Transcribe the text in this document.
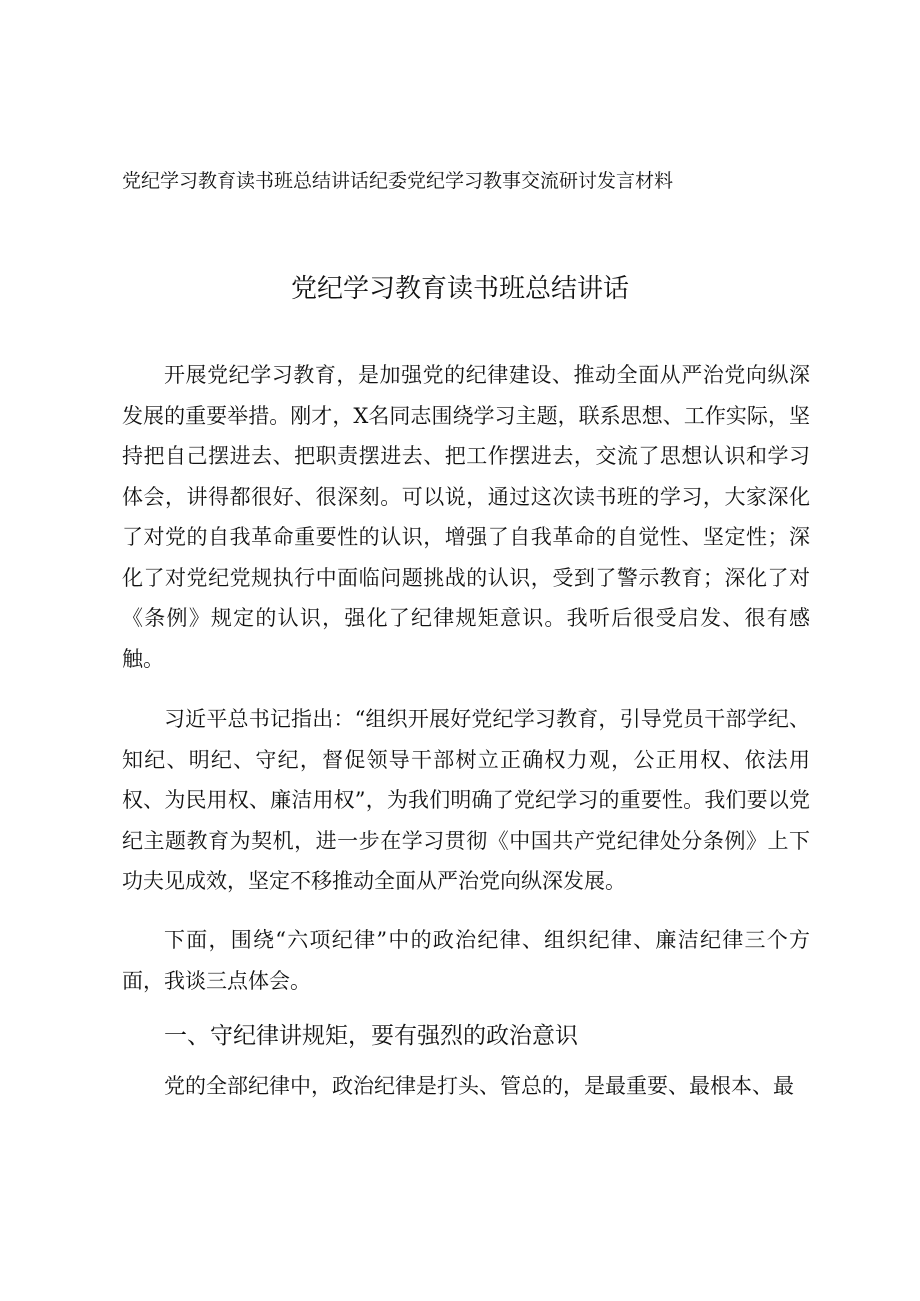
党纪学习教育读书班总结讲话纪委党纪学习教事交流研讨发言材料
党纪学习教育读书班总结讲话

开展党纪学习教育，是加强党的纪律建设、推动全面从严治党向纵深发展的重要举措。刚才，X名同志围绕学习主题，联系思想、工作实际，坚持把自己摆进去、把职责摆进去、把工作摆进去，交流了思想认识和学习体会，讲得都很好、很深刻。可以说，通过这次读书班的学习，大家深化了对党的自我革命重要性的认识，增强了自我革命的自觉性、坚定性；深化了对党纪党规执行中面临问题挑战的认识，受到了警示教育；深化了对《条例》规定的认识，强化了纪律规矩意识。我听后很受启发、很有感触。

习近平总书记指出：“组织开展好党纪学习教育，引导党员干部学纪、知纪、明纪、守纪，督促领导干部树立正确权力观，公正用权、依法用权、为民用权、廉洁用权”，为我们明确了党纪学习的重要性。我们要以党纪主题教育为契机，进一步在学习贯彻《中国共产党纪律处分条例》上下功夫见成效，坚定不移推动全面从严治党向纵深发展。

下面，围绕“六项纪律”中的政治纪律、组织纪律、廉洁纪律三个方面，我谈三点体会。

一、守纪律讲规矩，要有强烈的政治意识

党的全部纪律中，政治纪律是打头、管总的，是最重要、最根本、最
